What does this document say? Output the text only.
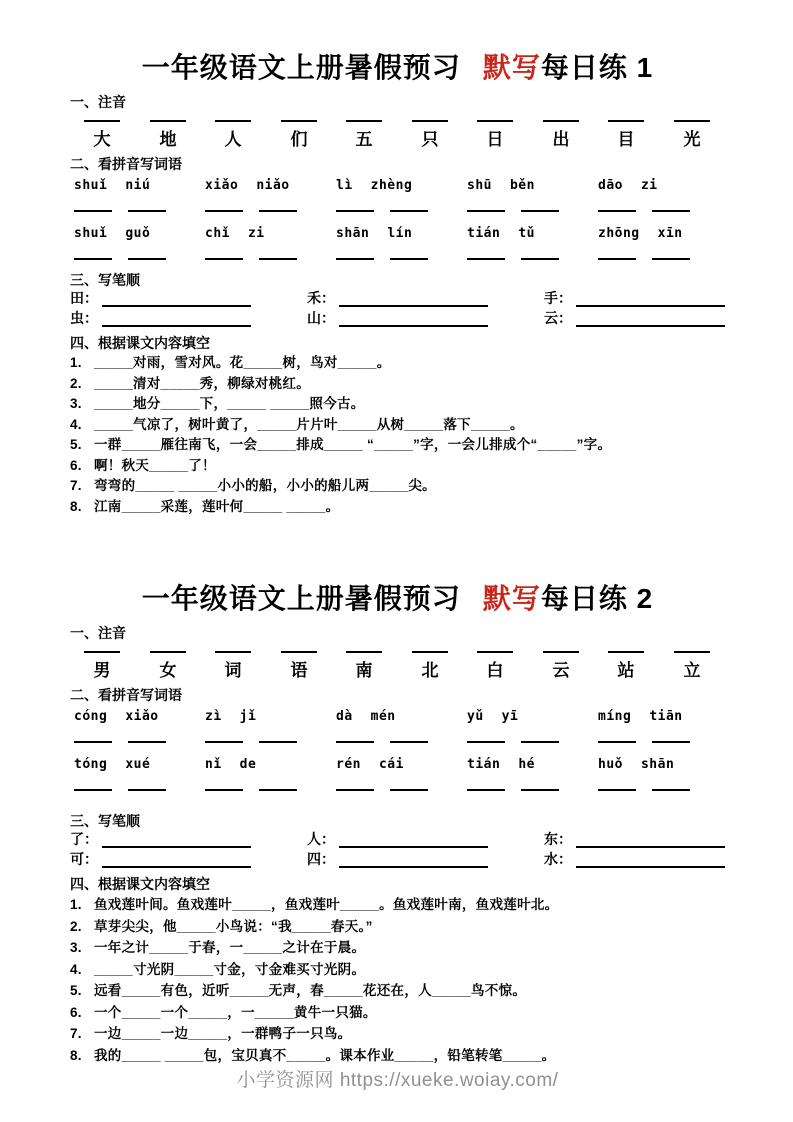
一年级语文上册暑假预习 默写每日练 1
一、注音
大	地	人	们	五	只	日	出	目	光
二、看拼音写词语
shuǐ niú	xiǎo niǎo	lì zhèng	shū běn	dāo zi
shuǐ guǒ	chǐ zi	shān lín	tián tǔ	zhōng xīn
三、写笔顺
田：	禾：	手：
虫：	山：	云：
四、根据课文内容填空
1. _____对雨，雪对风。花_____树，鸟对_____。
2. _____清对_____秀，柳绿对桃红。
3. _____地分_____下，_____ _____照今古。
4. _____气凉了，树叶黄了，_____片片叶_____从树_____落下_____。
5. 一群_____雁往南飞，一会_____排成_____ “_____”字，一会儿排成个“_____”字。
6. 啊！秋天_____了！
7. 弯弯的_____ _____小小的船，小小的船儿两_____尖。
8. 江南_____采莲，莲叶何_____ _____。
一年级语文上册暑假预习 默写每日练 2
一、注音
男	女	词	语	南	北	白	云	站	立
二、看拼音写词语
cóng xiǎo	zì jǐ	dà mén	yǔ yī	míng tiān
tóng xué	nǐ de	rén cái	tián hé	huǒ shān
三、写笔顺
了：	人：	东：
可：	四：	水：
四、根据课文内容填空
1. 鱼戏莲叶间。鱼戏莲叶_____，鱼戏莲叶_____。鱼戏莲叶南，鱼戏莲叶北。
2. 草芽尖尖，他_____小鸟说：“我_____春天。”
3. 一年之计_____于春，一_____之计在于晨。
4. _____寸光阴_____寸金，寸金难买寸光阴。
5. 远看_____有色，近听_____无声，春_____花还在，人_____鸟不惊。
6. 一个_____一个_____，一_____黄牛一只猫。
7. 一边_____一边_____，一群鸭子一只鸟。
8. 我的_____ _____包，宝贝真不_____。课本作业_____，铅笔转笔_____。
小学资源网 https://xueke.woiay.com/
